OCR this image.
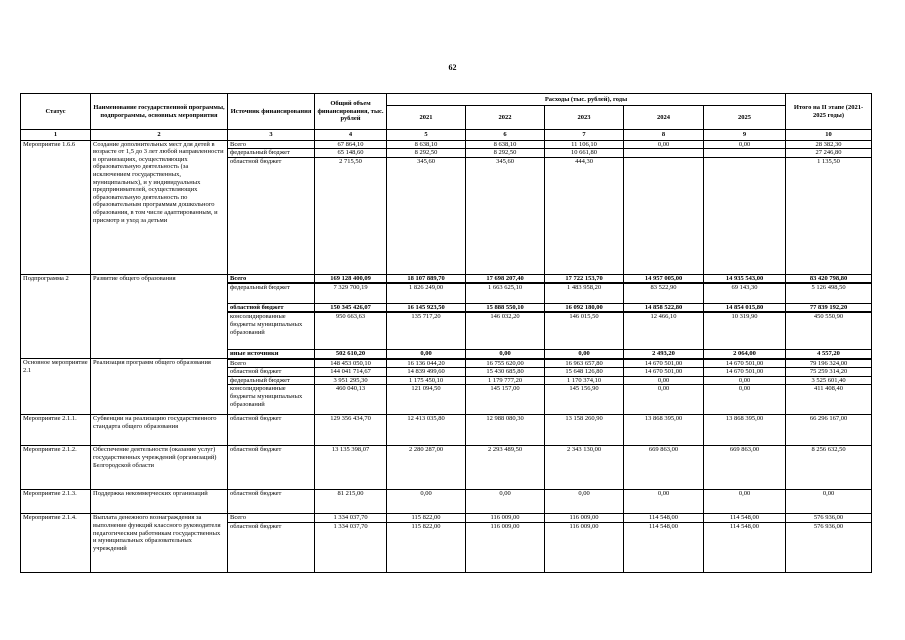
62
Статус	Наименование государственной программы, подпрограммы, основных мероприятия	Источник финансирования	Общий объем финансирования, тыс. рублей	Расходы (тыс. рублей), годы					Итого на II этапе (2021-2025 годы)
				2021	2022	2023	2024	2025	
1	2	3	4	5	6	7	8	9	10
Мероприятие 1.6.6	Создание дополнительных мест для детей в возрасте от 1,5 до 3 лет любой направленности в организациях, осуществляющих образовательную деятельность (за исключением государственных, муниципальных), и у индивидуальных предпринимателей, осуществляющих образовательную деятельность по образовательным программам дошкольного образования, в том числе адаптированным, и присмотр и уход за детьми	Всего	67 864,10	8 638,10	8 638,10	11 106,10	0,00	0,00	28 382,30
		федеральный бюджет	65 148,60	8 292,50	8 292,50	10 661,80			27 246,80
		областной бюджет	2 715,50	345,60	345,60	444,30			1 135,50
Подпрограмма 2	Развитие общего образования	Всего	169 128 400,09	18 107 889,70	17 698 207,40	17 722 153,70	14 957 005,00	14 935 543,00	83 420 798,80
		федеральный бюджет	7 329 700,19	1 826 249,00	1 663 625,10	1 483 958,20	83 522,90	69 143,30	5 126 498,50
		областной бюджет	150 345 426,07	16 145 923,50	15 888 550,10	16 092 180,00	14 858 522,80	14 854 015,80	77 839 192,20
		консолидированные бюджеты муниципальных образований	950 663,63	135 717,20	146 032,20	146 015,50	12 466,10	10 319,90	450 550,90
		иные источники	502 610,20	0,00	0,00	0,00	2 493,20	2 064,00	4 557,20
Основное мероприятие 2.1	Реализация программ общего образования	Всего	148 453 050,10	16 136 044,20	16 755 620,00	16 963 657,80	14 670 501,00	14 670 501,00	79 196 324,00
		областной бюджет	144 041 714,67	14 839 499,60	15 430 685,80	15 648 126,80	14 670 501,00	14 670 501,00	75 259 314,20
		федеральный бюджет	3 951 295,30	1 175 450,10	1 179 777,20	1 170 374,10	0,00	0,00	3 525 601,40
		консолидированные бюджеты муниципальных образований	460 040,13	121 094,50	145 157,00	145 156,90	0,00	0,00	411 408,40
Мероприятие 2.1.1.	Субвенции на реализацию государственного стандарта общего образования	областной бюджет	129 356 434,70	12 413 035,80	12 988 080,30	13 158 260,90	13 868 395,00	13 868 395,00	66 296 167,00
Мероприятие 2.1.2.	Обеспечение деятельности (оказание услуг) государственных учреждений (организаций) Белгородской области	областной бюджет	13 135 398,07	2 280 287,00	2 293 489,50	2 343 130,00	669 863,00	669 863,00	8 256 632,50
Мероприятие 2.1.3.	Поддержка некоммерческих организаций	областной бюджет	81 215,00	0,00	0,00	0,00	0,00	0,00	0,00
Мероприятие 2.1.4.	Выплата денежного вознаграждения за выполнение функций классного руководителя педагогическим работникам государственных и муниципальных образовательных учреждений	Всего	1 334 037,70	115 822,00	116 009,00	116 009,00	114 548,00	114 548,00	576 936,00
		областной бюджет	1 334 037,70	115 822,00	116 009,00	116 009,00	114 548,00	114 548,00	576 936,00
